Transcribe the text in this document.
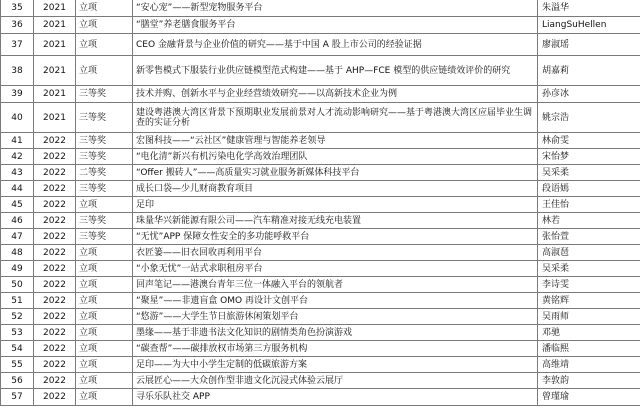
35	2021	立项	“安心宠”——新型宠物服务平台	朱溢华
36	2021	立项	“膳堂”养老膳食服务平台	LiangSuHellen
37	2021	立项	CEO 金融背景与企业价值的研究——基于中国 A 股上市公司的经验证据	廖淑瑶
38	2021	立项	新零售模式下服装行业供应链模型范式构建——基于 AHP—FCE 模型的供应链绩效评价的研究	胡嘉莉
39	2021	三等奖	技术并购、创新水平与企业经营绩效研究——以高新技术企业为例	孙彦冰
40	2021	三等奖	建设粤港澳大湾区背景下预期职业发展前景对人才流动影响研究——基于粤港澳大湾区应届毕业生调查的实证分析	姚宗浩
41	2022	三等奖	宏图科技——“云社区”健康管理与智能养老领导	林俞雯
42	2022	三等奖	“电化清”新兴有机污染电化学高效治理团队	宋怡梦
43	2022	二等奖	“Offer 搬砖人”——高质量实习就业服务新媒体科技平台	吴采柔
44	2022	三等奖	成长口袋—少儿财商教育项目	段语嫣
45	2022	立项	足印	王佳怡
46	2022	三等奖	珠量华兴新能源有限公司——汽车精准对接无线充电装置	林若
47	2022	三等奖	“无忧”APP 保障女性安全的多功能呼救平台	张怡萱
48	2022	立项	衣匠篓——旧衣回收再利用平台	高淑琶
49	2022	立项	“小象无忧”一站式求职租房平台	吴采柔
50	2022	立项	回声笔记——港澳台青年三位一体融入平台的领航者	李诗雯
51	2022	立项	“聚星”——非遗盲盒 OMO 再设计文创平台	黄铭辉
52	2022	立项	“悠游”——大学生节日旅游休闲策划平台	吴雨师
53	2022	立项	墨缘——基于非遗书法文化知识的剧情类角色扮演游戏	邓驰
54	2022	立项	“碳查帮”——碳排放权市场第三方服务机构	潘临熙
55	2022	立项	足印——为大中小学生定制的低碳旅游方案	高维靖
56	2022	立项	云展匠心——大众创作型非遗文化沉浸式体验云展厅	李敦韵
57	2022	立项	寻乐乐队社交 APP	曾瑾瑜
